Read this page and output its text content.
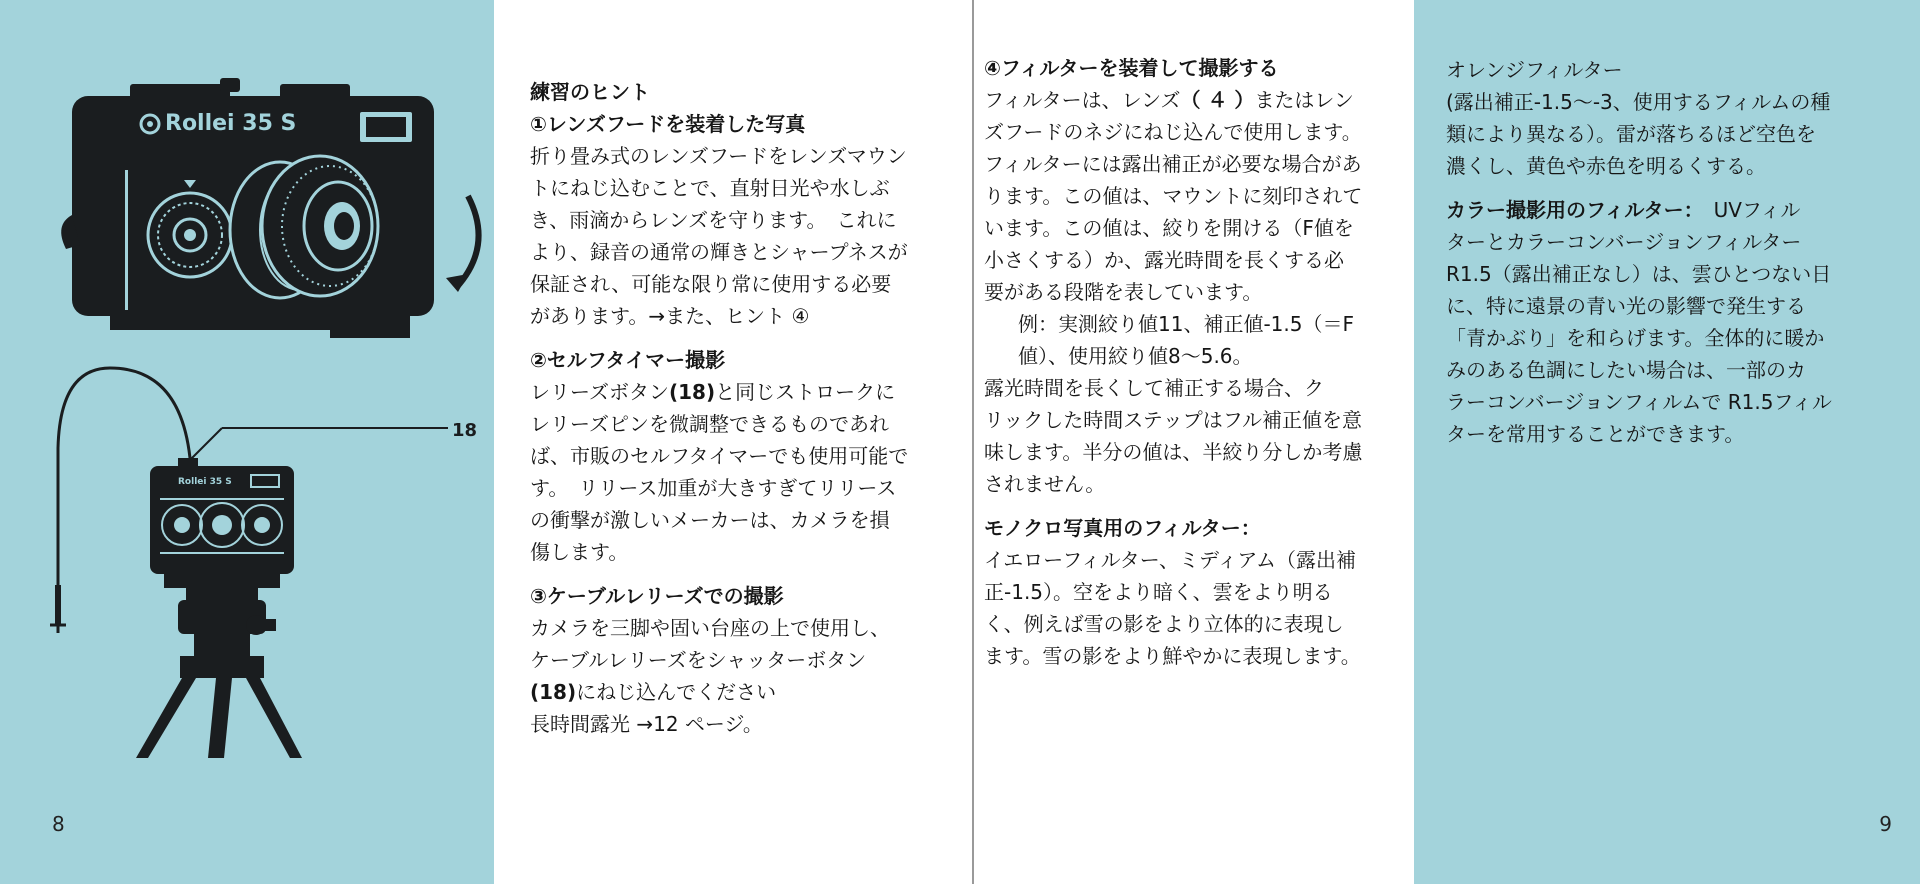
Rollei 35 S
18
Rollei 35 S
8

練習のヒント

①レンズフードを装着した写真

折り畳み式のレンズフードをレンズマウン

トにねじ込むことで、直射日光や水しぶ

き、雨滴からレンズを守ります。　これに

より、録音の通常の輝きとシャープネスが

保証され、可能な限り常に使用する必要

があります。→また、ヒント ④

②セルフタイマー撮影

レリーズボタン(18)と同じストロークに

レリーズピンを微調整できるものであれ

ば、市販のセルフタイマーでも使用可能で

す。　リリース加重が大きすぎてリリース

の衝撃が激しいメーカーは、カメラを損

傷します。

③ケーブルレリーズでの撮影

カメラを三脚や固い台座の上で使用し、

ケーブルレリーズをシャッターボタン

(18)にねじ込んでください

長時間露光 →12 ページ。

④フィルターを装着して撮影する

フィルターは、レンズ（ ４ ）またはレン

ズフードのネジにねじ込んで使用します。

フィルターには露出補正が必要な場合があ

ります。この値は、マウントに刻印されて

います。この値は、絞りを開ける（F値を

小さくする）か、露光時間を長くする必

要がある段階を表しています。

例：実測絞り値11、補正値-1.5（＝F

値）、使用絞り値8〜5.6。

露光時間を長くして補正する場合、ク

リックした時間ステップはフル補正値を意

味します。半分の値は、半絞り分しか考慮

されません。

モノクロ写真用のフィルター：

イエローフィルター、ミディアム（露出補

正-1.5）。空をより暗く、雲をより明る

く、例えば雪の影をより立体的に表現し

ます。雪の影をより鮮やかに表現します。

オレンジフィルター

(露出補正-1.5〜-3、使用するフィルムの種

類により異なる）。雷が落ちるほど空色を

濃くし、黄色や赤色を明るくする。

カラー撮影用のフィルター：　UVフィル

ターとカラーコンバージョンフィルター

R1.5（露出補正なし）は、雲ひとつない日

に、特に遠景の青い光の影響で発生する

「青かぶり」を和らげます。全体的に暖か

みのある色調にしたい場合は、一部のカ

ラーコンバージョンフィルムで R1.5フィル

ターを常用することができます。

9
